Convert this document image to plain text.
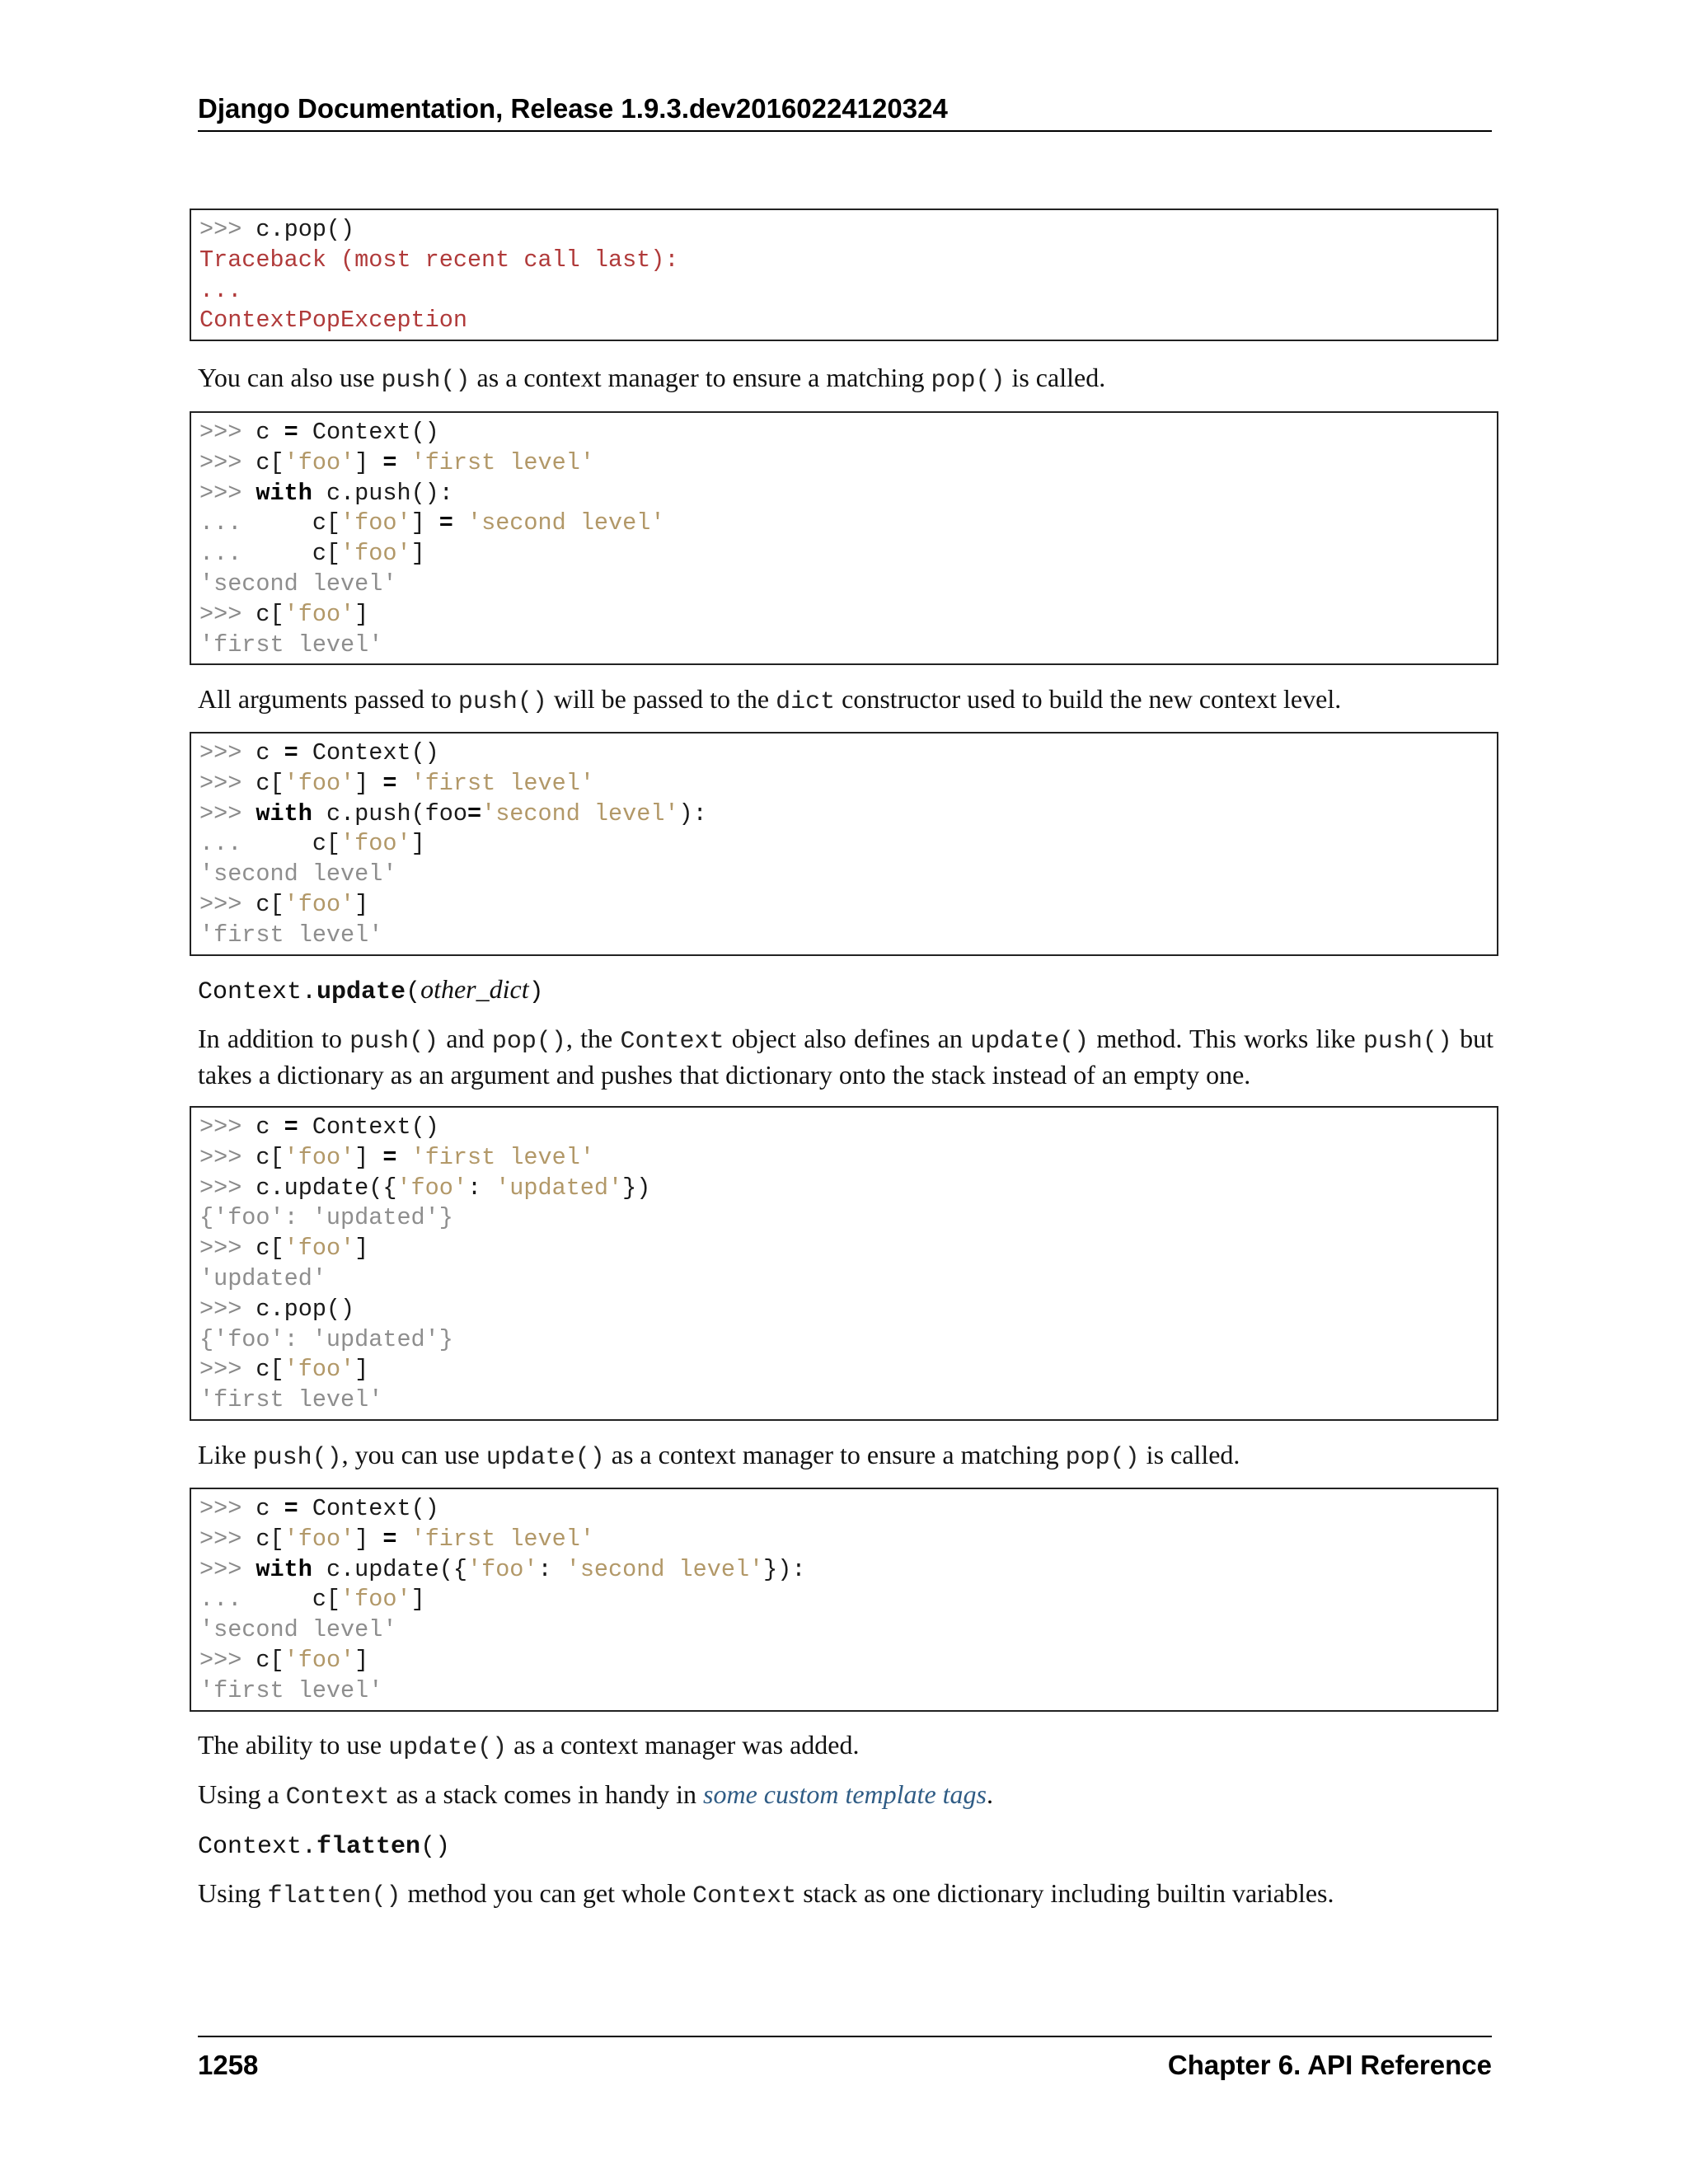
Django Documentation, Release 1.9.3.dev20160224120324
>>> c.pop()
Traceback (most recent call last):
...
ContextPopException
You can also use push() as a context manager to ensure a matching pop() is called.
>>> c = Context()
>>> c['foo'] = 'first level'
>>> with c.push():
...     c['foo'] = 'second level'
...     c['foo']
'second level'
>>> c['foo']
'first level'
All arguments passed to push() will be passed to the dict constructor used to build the new context level.
>>> c = Context()
>>> c['foo'] = 'first level'
>>> with c.push(foo='second level'):
...     c['foo']
'second level'
>>> c['foo']
'first level'
Context.update(other_dict)
In addition to push() and pop(), the Context object also defines an update() method. This works like push() but takes a dictionary as an argument and pushes that dictionary onto the stack instead of an empty one.
>>> c = Context()
>>> c['foo'] = 'first level'
>>> c.update({'foo': 'updated'})
{'foo': 'updated'}
>>> c['foo']
'updated'
>>> c.pop()
{'foo': 'updated'}
>>> c['foo']
'first level'
Like push(), you can use update() as a context manager to ensure a matching pop() is called.
>>> c = Context()
>>> c['foo'] = 'first level'
>>> with c.update({'foo': 'second level'}):
...     c['foo']
'second level'
>>> c['foo']
'first level'
The ability to use update() as a context manager was added.
Using a Context as a stack comes in handy in some custom template tags.
Context.flatten()
Using flatten() method you can get whole Context stack as one dictionary including builtin variables.
1258	Chapter 6. API Reference
